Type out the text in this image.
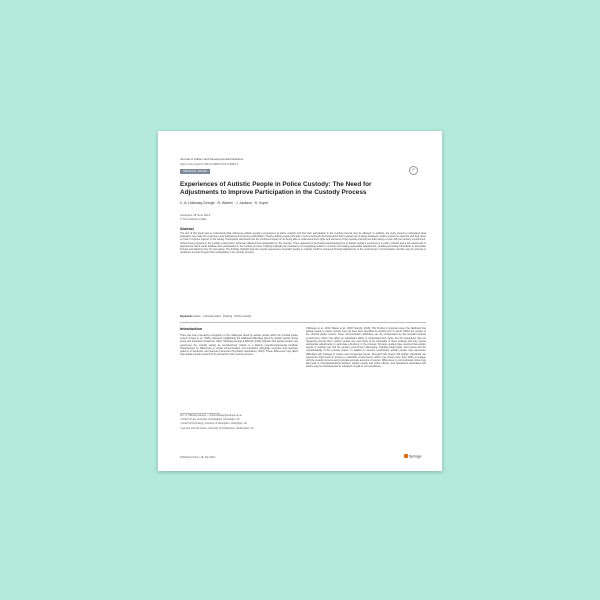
Journal of Autism and Developmental Disorders
https://doi.org/10.1007/s10803-021-04996-1
ORIGINAL PAPER	✓
Experiences of Autistic People in Police Custody: The Need for Adjustments to Improve Participation in the Custody Process
C. A. Holloway-George · N. Warren · J. Jackson · D. Koper
Accepted: 28 June 2021
© The Author(s) 2021
Abstract
The aim of this study was to understand what influences autistic people's experiences of police custody and how their participation in the custody process may be affected. In addition, the study aimed to understand what strategies may make the experience less distressing and improve participation. Twelve autistic people took part in semi-structured interviews about their experiences of being detained in police custody as suspects and their ideas on how to improve support in this setting. Participants discussed how the combined impact of not being able to understand their rights and elements of the custody environment and having to cope with the sensory environment, without being involved in the custody environment, adversely affected their participation in the process. There appeared to be limited acknowledgement of autistic people's experiences in police custody and a low awareness of adjustments which could facilitate their participation in the custody process. Findings highlight the importance of recognising autism in custody and making reasonable adjustments, including providing information in accessible formats and allowing time for processing. The findings highlight how the overall experiences of autistic people in custody could be improved through adjustments to the environment, communication and the way the process is explained, to better support their participation in the custody process.
Keywords Autism · Criminal justice · Policing · Police custody
Introduction
There has been increasing recognition of the challenges faced by autistic people within the criminal justice system (Crane et al., 2016). Research highlighting the additional difficulties faced by autistic people during arrest and interviews (Chapman, 2019; Holloway-George & Mitchell, 2019) indicates that autistic people may experience the custody setting as overwhelming. Autism is a lifelong neurodevelopmental condition characterised by differences in social communication and interaction alongside restricted and repetitive patterns of behaviour and interests (American Psychiatric Association, 2013). These differences may affect how autistic people respond to the demands of the custody process.
(Holloway et al., 2020; Maras et al., 2018; Murphy, 2018). This finding is important given the likelihood that autistic people in police custody may not have been identified as autistic prior to arrest. Within the context of the criminal justice system, these communication difficulties can be compounded by the stressful custody environment, which may affect an individual's ability to understand their rights and the procedures that are happening around them. Autistic people are more likely to be vulnerable in these settings and may require appropriate adjustments to participate effectively in the process. Previous studies have reported that autistic people in custody may find the sensory environment distressing, including bright lights, loud noises and the unpredictability of the custody routine. In addition to sensory sensitivities, autistic people may experience difficulties with changes to routine and unexpected events. Research has shown that autistic individuals can experience high levels of anxiety in unfamiliar environments, which may impact upon their ability to engage with the custody process and to provide accurate accounts of events. Differences in communication styles may also lead to misunderstandings between autistic people and police officers, and behaviours associated with autism may be misinterpreted as indicators of guilt or non-compliance.
✉ C. A. Holloway-George — chloe.holloway@example.ac.uk
¹ School of Law, University of Nottingham, Nottingham, UK
² School of Psychology, University of Nottingham, Nottingham, UK
³ Law and Criminal Justice, University of Northampton, Northampton, UK
Published online: 16 July 2021	Springer
